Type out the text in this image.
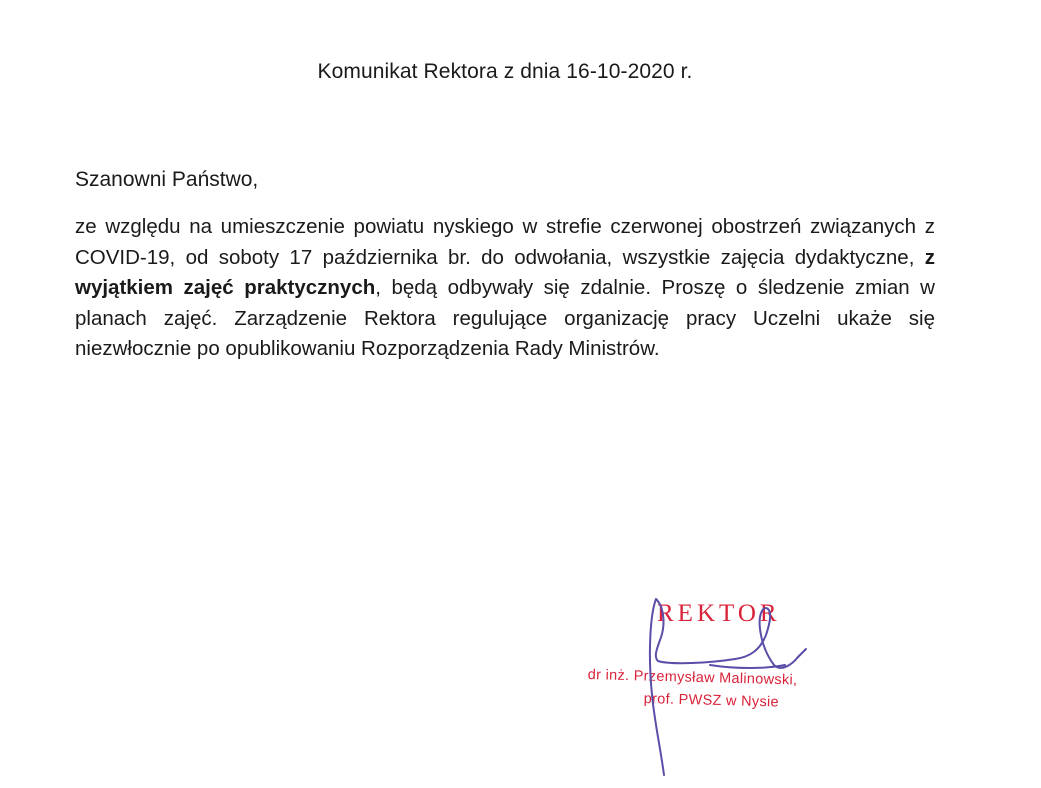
Komunikat Rektora z dnia 16-10-2020 r.
Szanowni Państwo,
ze względu na umieszczenie powiatu nyskiego w strefie czerwonej obostrzeń związanych z COVID-19, od soboty 17 października br. do odwołania, wszystkie zajęcia dydaktyczne, z wyjątkiem zajęć praktycznych, będą odbywały się zdalnie. Proszę o śledzenie zmian w planach zajęć. Zarządzenie Rektora regulujące organizację pracy Uczelni ukaże się niezwłocznie po opublikowaniu Rozporządzenia Rady Ministrów.
REKTOR
dr inż. Przemysław Malinowski,
prof. PWSZ w Nysie
